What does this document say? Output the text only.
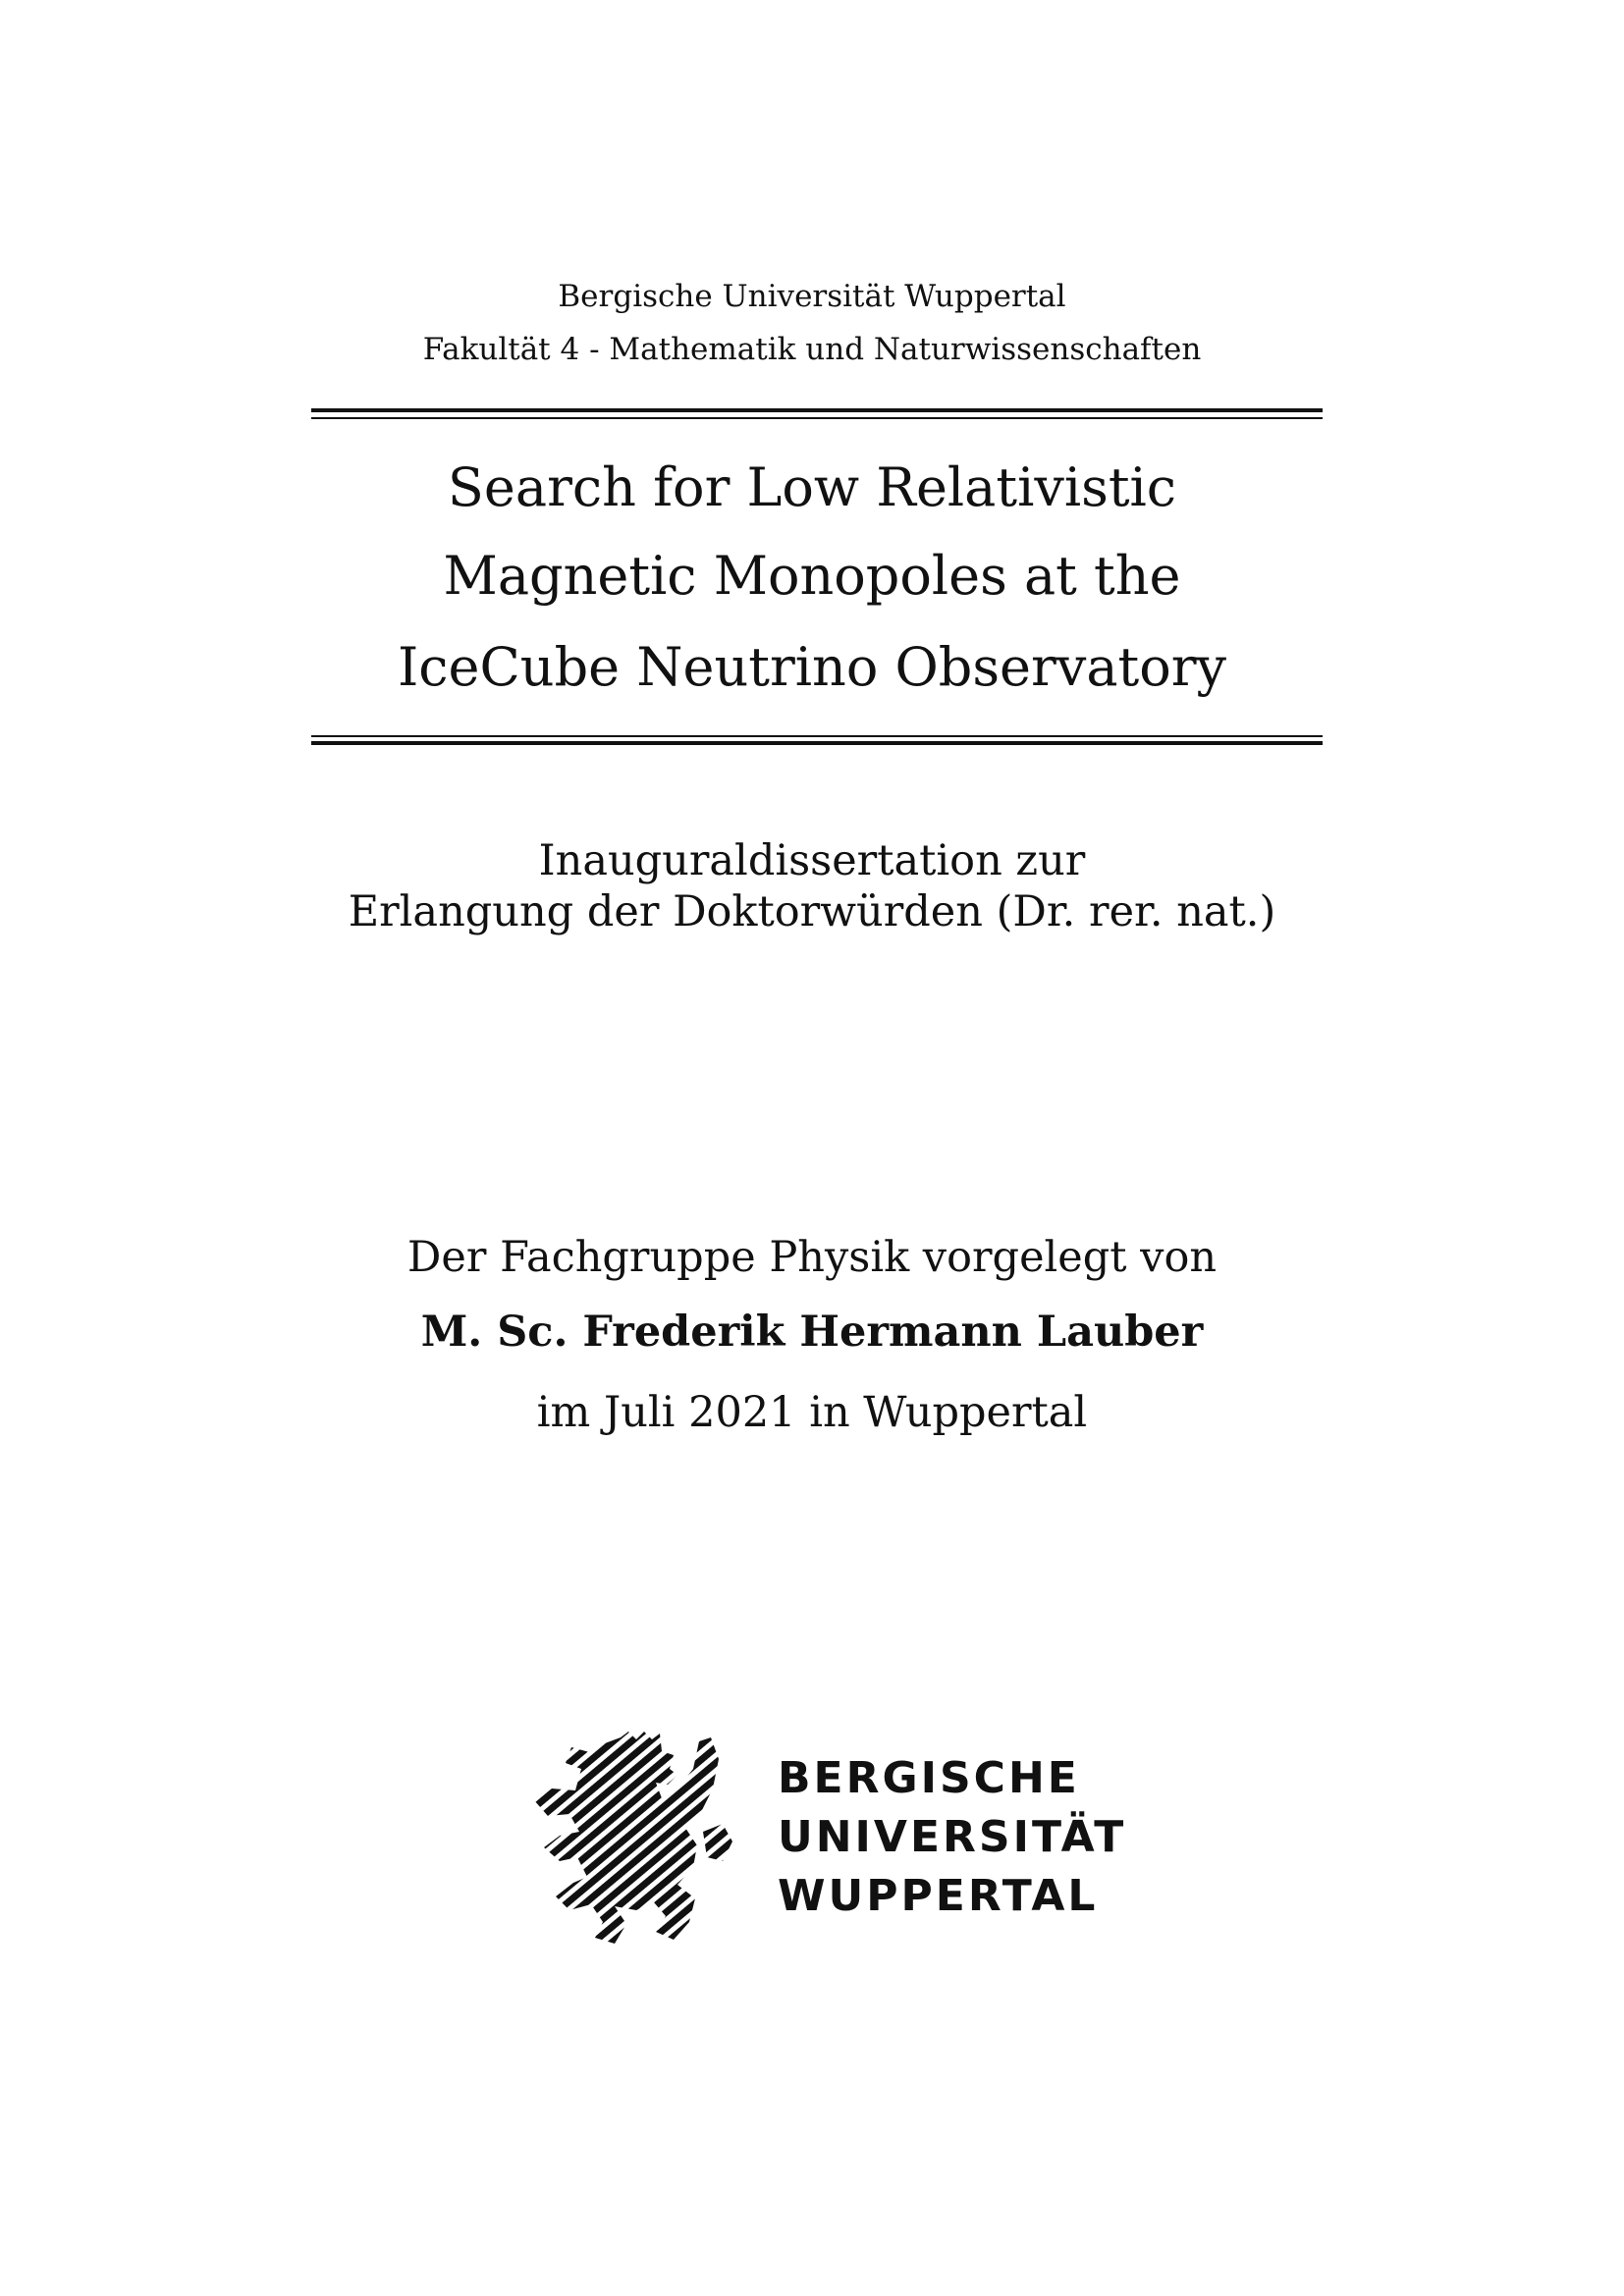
Bergische Universität Wuppertal
Fakultät 4 - Mathematik und Naturwissenschaften
Search for Low Relativistic
Magnetic Monopoles at the
IceCube Neutrino Observatory
Inauguraldissertation zur
Erlangung der Doktorwürden (Dr. rer. nat.)
Der Fachgruppe Physik vorgelegt von
M. Sc. Frederik Hermann Lauber
im Juli 2021 in Wuppertal
BERGISCHE
UNIVERSITÄT
WUPPERTAL
